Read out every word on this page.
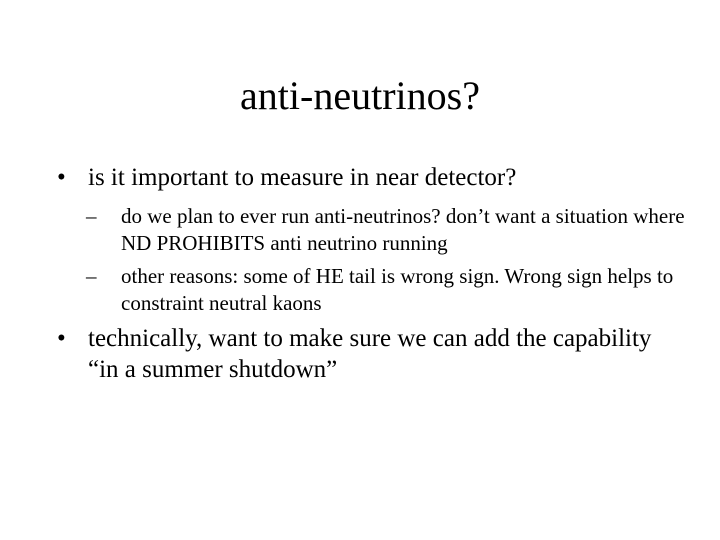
anti-neutrinos?
• is it important to measure in near detector?
– do we plan to ever run anti-neutrinos? don’t want a situation where ND PROHIBITS anti neutrino running
– other reasons: some of HE tail is wrong sign. Wrong sign helps to constraint neutral kaons
• technically, want to make sure we can add the capability “in a summer shutdown”
